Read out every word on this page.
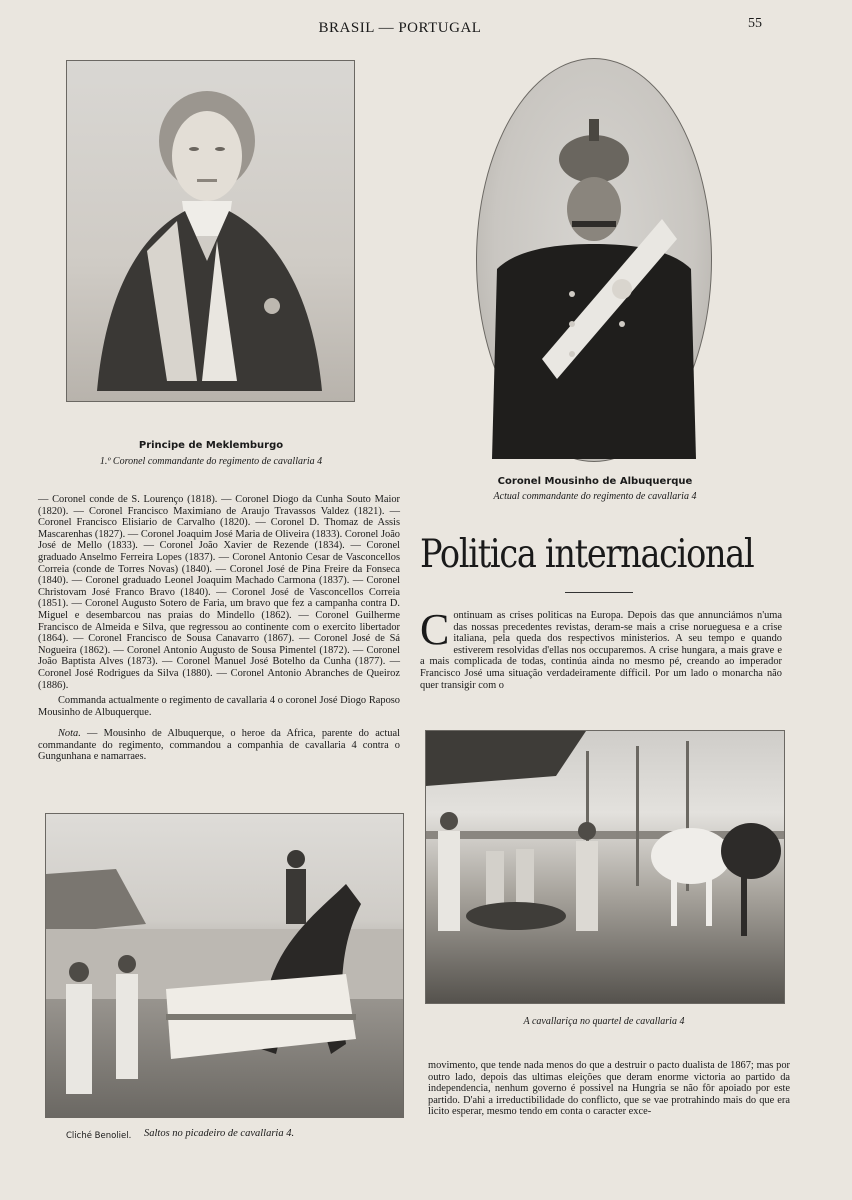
BRASIL — PORTUGAL	55
Principe de Meklemburgo
1.º Coronel commandante do regimento de cavallaria 4
Coronel Mousinho de Albuquerque
Actual commandante do regimento de cavallaria 4

— Coronel conde de S. Lourenço (1818). — Coronel Diogo da Cunha Souto Maior (1820). — Coronel Francisco Maximiano de Araujo Travassos Valdez (1821). — Coronel Francisco Elisiario de Carvalho (1820). — Coronel D. Thomaz de Assis Mascarenhas (1827). — Coronel Joaquim José Maria de Oliveira (1833). Coronel João José de Mello (1833). — Coronel João Xavier de Rezende (1834). — Coronel graduado Anselmo Ferreira Lopes (1837). — Coronel Antonio Cesar de Vasconcellos Correia (conde de Torres Novas) (1840). — Coronel José de Pina Freire da Fonseca (1840). — Coronel graduado Leonel Joaquim Machado Carmona (1837). — Coronel Christovam José Franco Bravo (1840). — Coronel José de Vasconcellos Correia (1851). — Coronel Augusto Sotero de Faria, um bravo que fez a campanha contra D. Miguel e desembarcou nas praias do Mindello (1862). — Coronel Guilherme Francisco de Almeida e Silva, que regressou ao continente com o exercito libertador (1864). — Coronel Francisco de Sousa Canavarro (1867). — Coronel José de Sá Nogueira (1862). — Coronel Antonio Augusto de Sousa Pimentel (1872). — Coronel João Baptista Alves (1873). — Coronel Manuel José Botelho da Cunha (1877). — Coronel José Rodrigues da Silva (1880). — Coronel Antonio Abranches de Queiroz (1886).

Commanda actualmente o regimento de cavallaria 4 o coronel José Diogo Raposo Mousinho de Albuquerque.

Nota. — Mousinho de Albuquerque, o heroe da Africa, parente do actual commandante do regimento, commandou a companhia de cavallaria 4 contra o Gungunhana e namarraes.

Politica internacional
Continuam as crises politicas na Europa. Depois das que annunciámos n'uma das nossas precedentes revistas, deram-se mais a crise norueguesa e a crise italiana, pela queda dos respectivos ministerios. A seu tempo e quando estiverem resolvidas d'ellas nos occuparemos. A crise hungara, a mais grave e a mais complicada de todas, continúa ainda no mesmo pé, creando ao imperador Francisco José uma situação verdadeiramente difficil. Por um lado o monarcha não quer transigir com o
A cavallariça no quartel de cavallaria 4
Cliché Benoliel. Saltos no picadeiro de cavallaria 4.
movimento, que tende nada menos do que a destruir o pacto dualista de 1867; mas por outro lado, depois das ultimas eleições que deram enorme victoria ao partido da independencia, nenhum governo é possivel na Hungria se não fôr apoiado por este partido. D'ahi a irreductibilidade do conflicto, que se vae protrahindo mais do que era licito esperar, mesmo tendo em conta o caracter exce-
